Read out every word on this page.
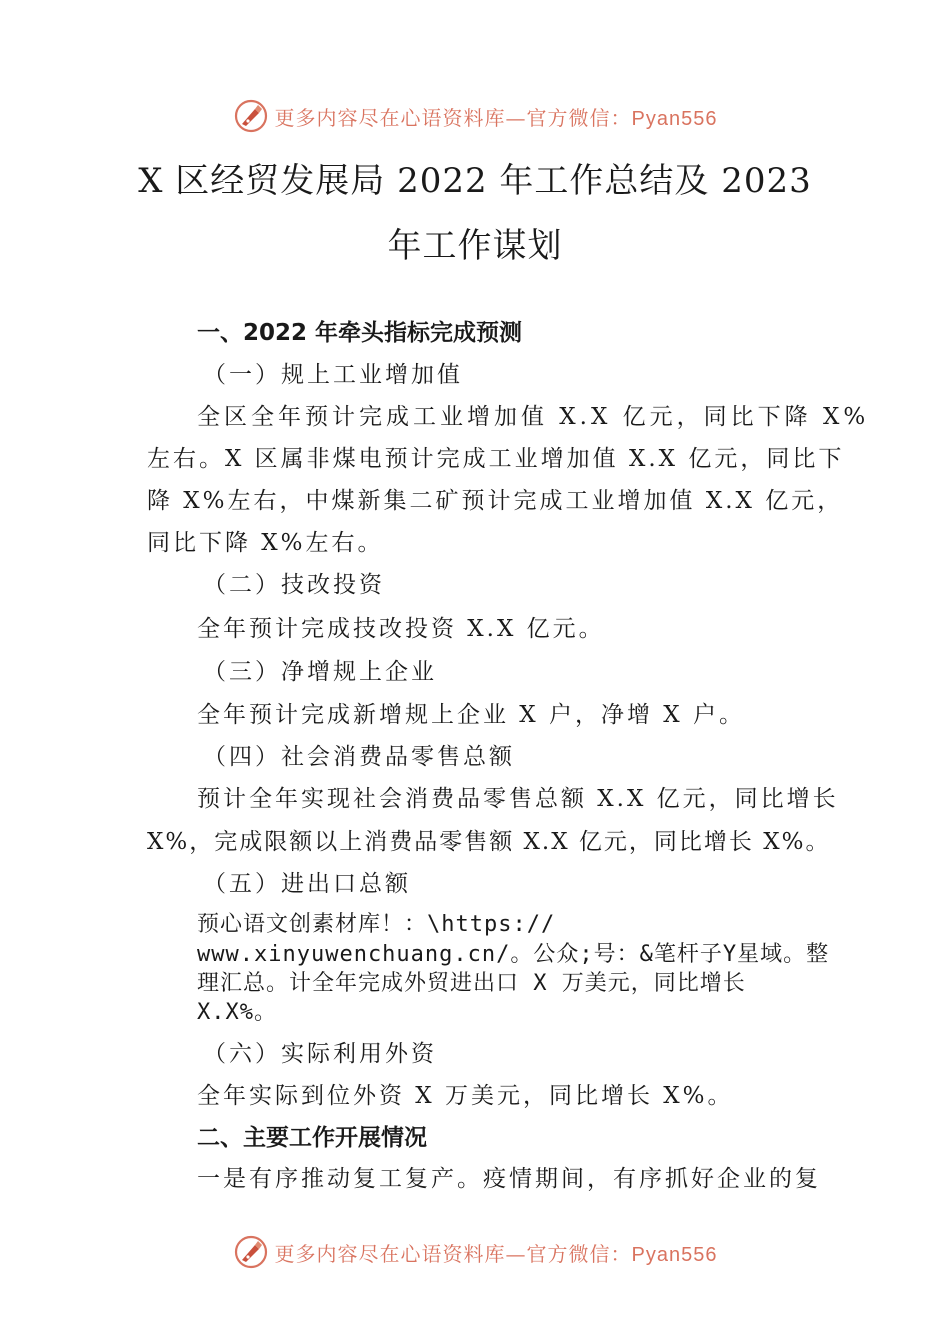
更多内容尽在心语资料库—官方微信：Pyan556
X 区经贸发展局 2022 年工作总结及 2023
年工作谋划
一、2022 年牵头指标完成预测
（一）规上工业增加值
全区全年预计完成工业增加值 X.X 亿元，同比下降 X%
左右。X 区属非煤电预计完成工业增加值 X.X 亿元，同比下
降 X%左右，中煤新集二矿预计完成工业增加值 X.X 亿元，
同比下降 X%左右。
（二）技改投资
全年预计完成技改投资 X.X 亿元。
（三）净增规上企业
全年预计完成新增规上企业 X 户，净增 X 户。
（四）社会消费品零售总额
预计全年实现社会消费品零售总额 X.X 亿元，同比增长
X%，完成限额以上消费品零售额 X.X 亿元，同比增长 X%。
（五）进出口总额
预心语文创素材库！：\https://
www.xinyuwenchuang.cn/。公众;号：&笔杆子Y星域。整
理汇总。计全年完成外贸进出口 X 万美元，同比增长
X.X%。
（六）实际利用外资
全年实际到位外资 X 万美元，同比增长 X%。
二、主要工作开展情况
一是有序推动复工复产。疫情期间，有序抓好企业的复
更多内容尽在心语资料库—官方微信：Pyan556
